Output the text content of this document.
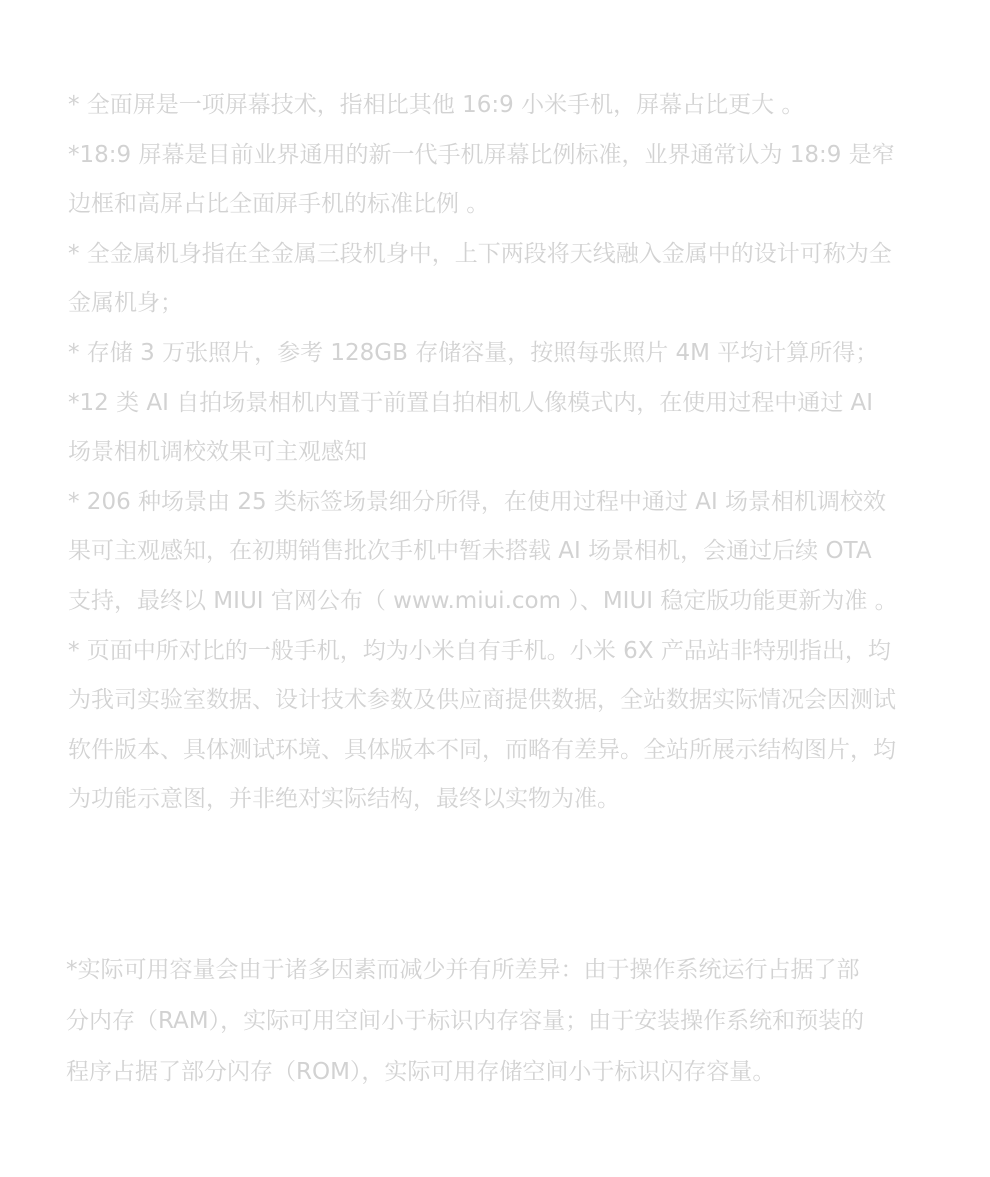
* 全面屏是一项屏幕技术，指相比其他 16:9 小米手机，屏幕占比更大 。

*18:9 屏幕是目前业界通用的新一代手机屏幕比例标准，业界通常认为 18:9 是窄边框和高屏占比全面屏手机的标准比例 。

* 全金属机身指在全金属三段机身中，上下两段将天线融入金属中的设计可称为全金属机身；

* 存储 3 万张照片，参考 128GB 存储容量，按照每张照片 4M 平均计算所得；

*12 类 AI 自拍场景相机内置于前置自拍相机人像模式内，在使用过程中通过 AI 场景相机调校效果可主观感知

* 206 种场景由 25 类标签场景细分所得，在使用过程中通过 AI 场景相机调校效果可主观感知，在初期销售批次手机中暂未搭载 AI 场景相机，会通过后续 OTA 支持，最终以 MIUI 官网公布（ www.miui.com ）、MIUI 稳定版功能更新为准 。

* 页面中所对比的一般手机，均为小米自有手机。小米 6X 产品站非特别指出，均为我司实验室数据、设计技术参数及供应商提供数据，全站数据实际情况会因测试软件版本、具体测试环境、具体版本不同，而略有差异。全站所展示结构图片，均为功能示意图，并非绝对实际结构，最终以实物为准。

*实际可用容量会由于诸多因素而减少并有所差异：由于操作系统运行占据了部分内存（RAM），实际可用空间小于标识内存容量；由于安装操作系统和预装的程序占据了部分闪存（ROM），实际可用存储空间小于标识闪存容量。
